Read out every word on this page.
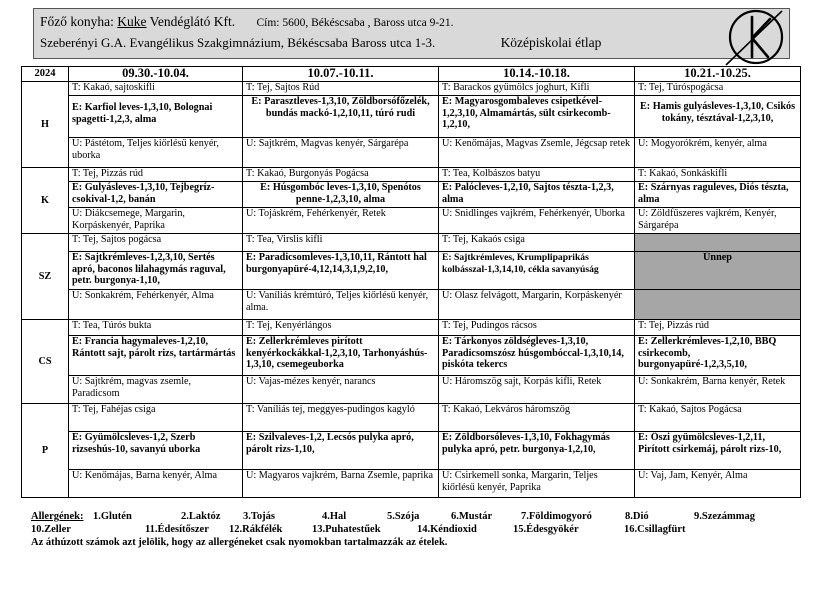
Főző konyha: Kuke Vendéglátó Kft. Cím: 5600, Békéscsaba , Baross utca 9-21.
Szeberényi G.A. Evangélikus Szakgimnázium, Békéscsaba Baross utca 1-3.	Középiskolai étlap
2024	09.30.-10.04.	10.07.-10.11.	10.14.-10.18.	10.21.-10.25.
H	T: Kakaó, sajtoskifli	T: Tej, Sajtos Rúd	T: Barackos gyümölcs joghurt, Kifli	T: Tej, Túróspogácsa
	E: Karfiol leves-1,3,10, Bolognai spagetti-1,2,3, alma	E: Parasztleves-1,3,10, Zöldborsófőzelék, bundás mackó-1,2,10,11, túró rudi	E: Magyarosgombaleves csipetkével-1,2,3,10, Almamártás, sült csirkecomb-1,2,10,	E: Hamis gulyásleves-1,3,10, Csikós tokány, tésztával-1,2,3,10,
	U: Pástétom, Teljes kiőrlésű kenyér, uborka	U: Sajtkrém, Magvas kenyér, Sárgarépa	U: Kenőmájas, Magvas Zsemle, Jégcsap retek	U: Mogyorókrém, kenyér, alma
K	T: Tej, Pizzás rúd	T: Kakaó, Burgonyás Pogácsa	T: Tea, Kolbászos batyu	T: Kakaó, Sonkáskifli
	E: Gulyásleves-1,3,10, Tejbegríz-csokival-1,2, banán	E: Húsgombóc leves-1,3,10, Spenótos penne-1,2,3,10, alma	E: Palócleves-1,2,10, Sajtos tészta-1,2,3, alma	E: Szárnyas raguleves, Diós tészta, alma
	U: Diákcsemege, Margarin, Korpáskenyér, Paprika	U: Tojáskrém, Fehérkenyér, Retek	U: Snidlinges vajkrém, Fehérkenyér, Uborka	U: Zöldfűszeres vajkrém, Kenyér, Sárgarépa
SZ	T: Tej, Sajtos pogácsa	T: Tea, Virslis kifli	T: Tej, Kakaós csiga	
	E: Sajtkrémleves-1,2,3,10, Sertés apró, baconos lilahagymás raguval, petr. burgonya-1,10,	E: Paradicsomleves-1,3,10,11, Rántott hal burgonyapüré-4,12,14,3,1,9,2,10,	E: Sajtkrémleves, Krumplipaprikás kolbásszal-1,3,14,10, cékla savanyúság	Ünnep
	U: Sonkakrém, Fehérkenyér, Alma	U: Vaníliás krémtúró, Teljes kiőrlésű kenyér, alma.	U: Olasz felvágott, Margarin, Korpáskenyér	
CS	T: Tea, Túrós bukta	T: Tej, Kenyérlángos	T: Tej, Pudingos rácsos	T: Tej, Pizzás rúd
	E: Francia hagymaleves-1,2,10, Rántott sajt, párolt rizs, tartármártás	E: Zellerkrémleves pirított kenyérkockákkal-1,2,3,10, Tarhonyáshús-1,3,10, csemegeuborka	E: Tárkonyos zöldségleves-1,3,10, Paradicsomszósz húsgombóccal-1,3,10,14, piskóta tekercs	E: Zellerkrémleves-1,2,10, BBQ csirkecomb, burgonyapüré-1,2,3,5,10,
	U: Sajtkrém, magvas zsemle, Paradicsom	U: Vajas-mézes kenyér, narancs	U: Háromszög sajt, Korpás kifli, Retek	U: Sonkakrém, Barna kenyér, Retek
P	T: Tej, Fahéjas csiga	T: Vaníliás tej, meggyes-pudingos kagyló	T: Kakaó, Lekváros háromszög	T: Kakaó, Sajtos Pogácsa
	E: Gyümölcsleves-1,2, Szerb rizseshús-10, savanyú uborka	E: Szilvaleves-1,2, Lecsós pulyka apró, párolt rizs-1,10,	E: Zöldborsóleves-1,3,10, Fokhagymás pulyka apró, petr. burgonya-1,2,10,	E: Őszi gyümölcsleves-1,2,11, Pirított csirkemáj, párolt rizs-10,
	U: Kenőmájas, Barna kenyér, Alma	U: Magyaros vajkrém, Barna Zsemle, paprika	U: Csirkemell sonka, Margarin, Teljes kiőrlésű kenyér, Paprika	U: Vaj, Jam, Kenyér, Alma
Allergének: 1.Glutén	2.Laktóz 3.Tojás	4.Hal	5.Szója	6.Mustár	7.Földimogyoró	8.Dió	9.Szezámmag
10.Zeller	11.Édesítőszer 12.Rákfélék	13.Puhatestűek	14.Kéndioxid	15.Édesgyökér	16.Csillagfürt
Az áthúzott számok azt jelölik, hogy az allergéneket csak nyomokban tartalmazzák az ételek.
